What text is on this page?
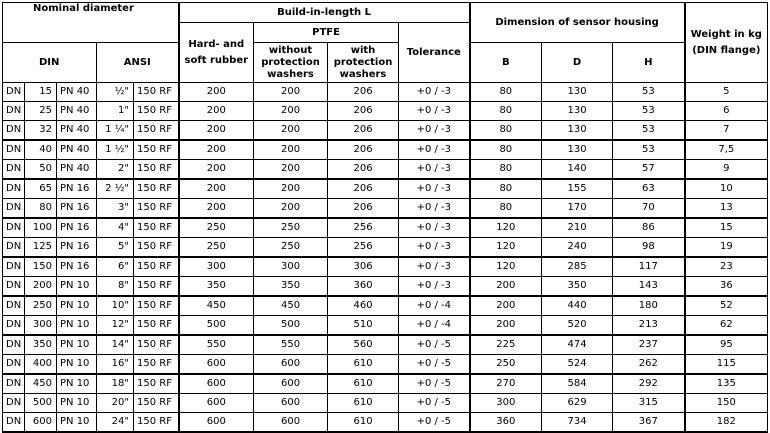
Nominal diameter					Build-in-length L				Dimension of sensor housing			Weight in kg (DIN flange)
					Hard- and soft rubber	PTFE		Tolerance				
DIN			ANSI			without protection washers	with protection washers		B	D	H	

DN	15	PN 40	½"	150 RF	200	200	206	+0 / -3	80	130	53	5
DN	25	PN 40	1"	150 RF	200	200	206	+0 / -3	80	130	53	6
DN	32	PN 40	1 ¼"	150 RF	200	200	206	+0 / -3	80	130	53	7
DN	40	PN 40	1 ½"	150 RF	200	200	206	+0 / -3	80	130	53	7,5
DN	50	PN 40	2"	150 RF	200	200	206	+0 / -3	80	140	57	9
DN	65	PN 16	2 ½"	150 RF	200	200	206	+0 / -3	80	155	63	10
DN	80	PN 16	3"	150 RF	200	200	206	+0 / -3	80	170	70	13
DN	100	PN 16	4"	150 RF	250	250	256	+0 / -3	120	210	86	15
DN	125	PN 16	5"	150 RF	250	250	256	+0 / -3	120	240	98	19
DN	150	PN 16	6"	150 RF	300	300	306	+0 / -3	120	285	117	23
DN	200	PN 10	8"	150 RF	350	350	360	+0 / -3	200	350	143	36
DN	250	PN 10	10"	150 RF	450	450	460	+0 / -4	200	440	180	52
DN	300	PN 10	12"	150 RF	500	500	510	+0 / -4	200	520	213	62
DN	350	PN 10	14"	150 RF	550	550	560	+0 / -5	225	474	237	95
DN	400	PN 10	16"	150 RF	600	600	610	+0 / -5	250	524	262	115
DN	450	PN 10	18"	150 RF	600	600	610	+0 / -5	270	584	292	135
DN	500	PN 10	20"	150 RF	600	600	610	+0 / -5	300	629	315	150
DN	600	PN 10	24"	150 RF	600	600	610	+0 / -5	360	734	367	182
